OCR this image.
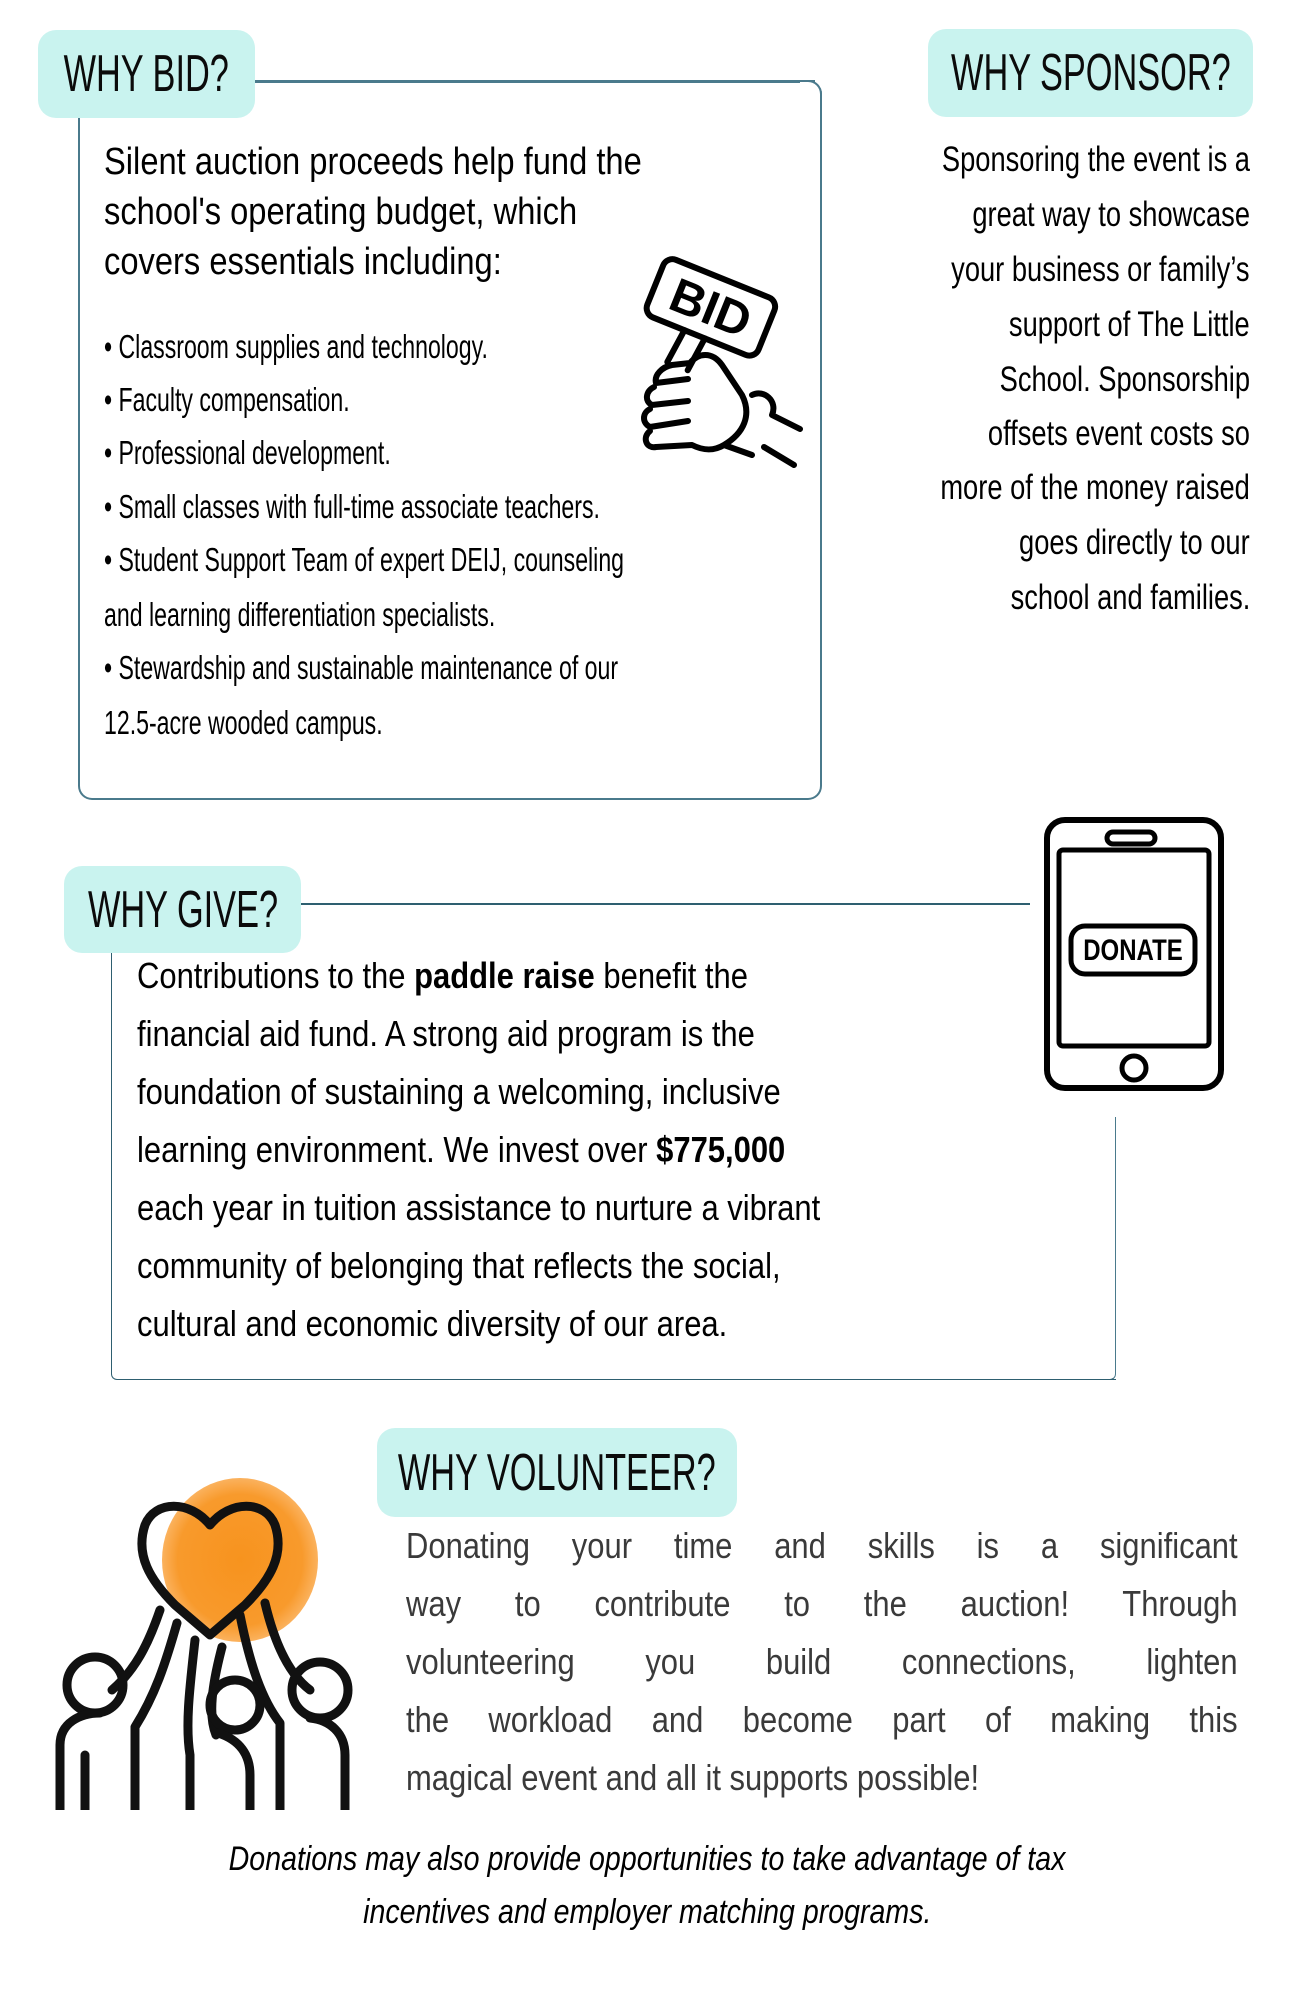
WHY BID?
Silent auction proceeds help fund the
school's operating budget, which
covers essentials including:
• Classroom supplies and technology.
• Faculty compensation.
• Professional development.
• Small classes with full-time associate teachers.
• Student Support Team of expert DEIJ, counseling
and learning differentiation specialists.
• Stewardship and sustainable maintenance of our
12.5-acre wooded campus.
BID
WHY SPONSOR?
Sponsoring the event is a
great way to showcase
your business or family’s
support of The Little
School. Sponsorship
offsets event costs so
more of the money raised
goes directly to our
school and families.
WHY GIVE?
Contributions to the paddle raise benefit the
financial aid fund. A strong aid program is the
foundation of sustaining a welcoming, inclusive
learning environment. We invest over $775,000
each year in tuition assistance to nurture a vibrant
community of belonging that reflects the social,
cultural and economic diversity of our area.
DONATE
WHY VOLUNTEER?
Donating your time and skills is a significant
way to contribute to the auction! Through
volunteering you build connections, lighten
the workload and become part of making this
magical event and all it supports possible!
Donations may also provide opportunities to take advantage of tax
incentives and employer matching programs.
